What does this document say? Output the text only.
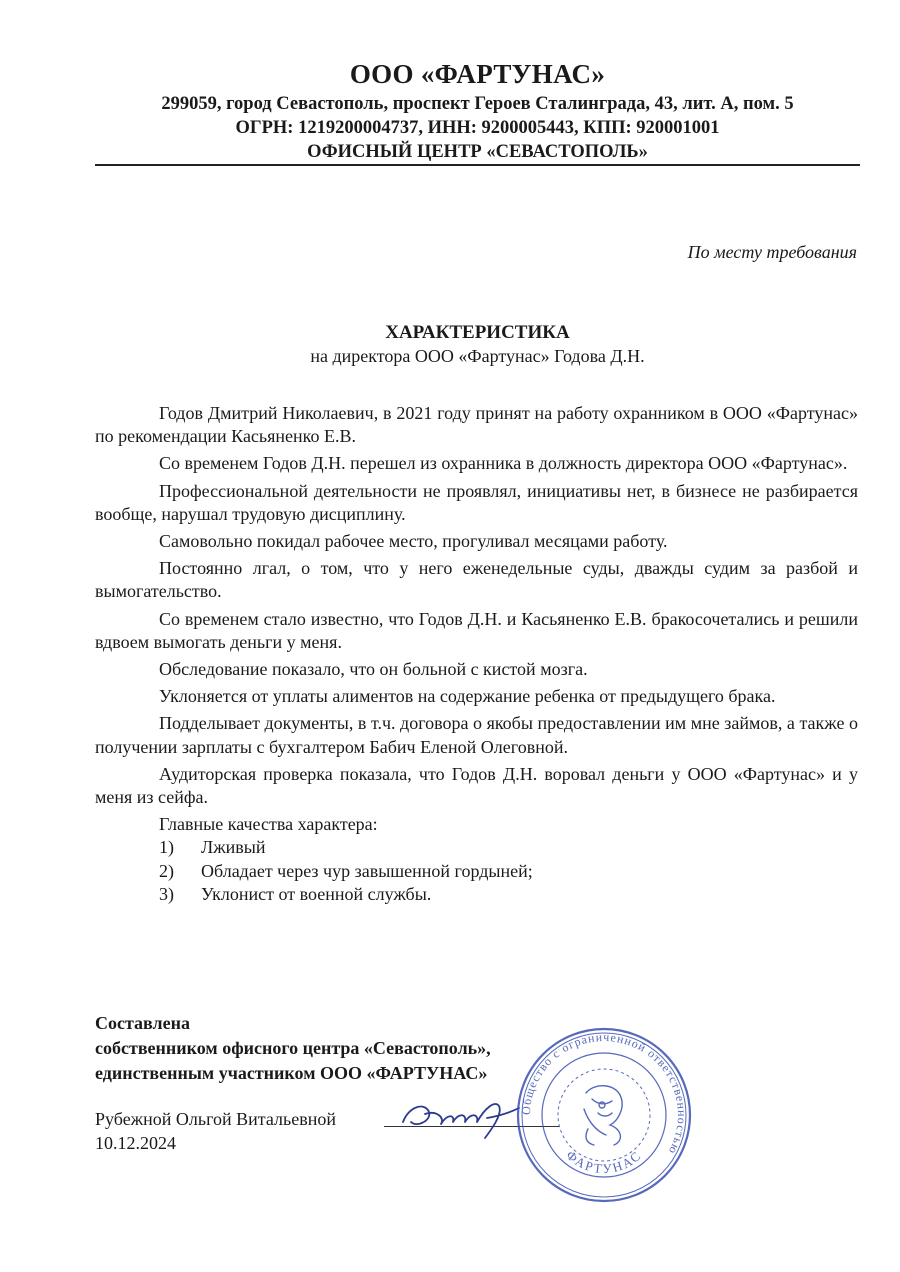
ООО «ФАРТУНАС»
299059, город Севастополь, проспект Героев Сталинграда, 43, лит. А, пом. 5
ОГРН: 1219200004737, ИНН: 9200005443, КПП: 920001001
ОФИСНЫЙ ЦЕНТР «СЕВАСТОПОЛЬ»
По месту требования
ХАРАКТЕРИСТИКА
на директора ООО «Фартунас» Годова Д.Н.

Годов Дмитрий Николаевич, в 2021 году принят на работу охранником в ООО «Фартунас» по рекомендации Касьяненко Е.В.

Со временем Годов Д.Н. перешел из охранника в должность директора ООО «Фартунас».

Профессиональной деятельности не проявлял, инициативы нет, в бизнесе не разбирается вообще, нарушал трудовую дисциплину.

Самовольно покидал рабочее место, прогуливал месяцами работу.

Постоянно лгал, о том, что у него еженедельные суды, дважды судим за разбой и вымогательство.

Со временем стало известно, что Годов Д.Н. и Касьяненко Е.В. бракосочетались и решили вдвоем вымогать деньги у меня.

Обследование показало, что он больной с кистой мозга.

Уклоняется от уплаты алиментов на содержание ребенка от предыдущего брака.

Подделывает документы, в т.ч. договора о якобы предоставлении им мне займов, а также о получении зарплаты с бухгалтером Бабич Еленой Олеговной.

Аудиторская проверка показала, что Годов Д.Н. воровал деньги у ООО «Фартунас» и у меня из сейфа.

Главные качества характера:

1)	Лживый
2)	Обладает через чур завышенной гордыней;
3)	Уклонист от военной службы.
Составлена
собственником офисного центра «Севастополь»,
единственным участником ООО «ФАРТУНАС»
Рубежной Ольгой Витальевной
10.12.2024
Общество с ограниченной ответственностью
ФАРТУНАС
